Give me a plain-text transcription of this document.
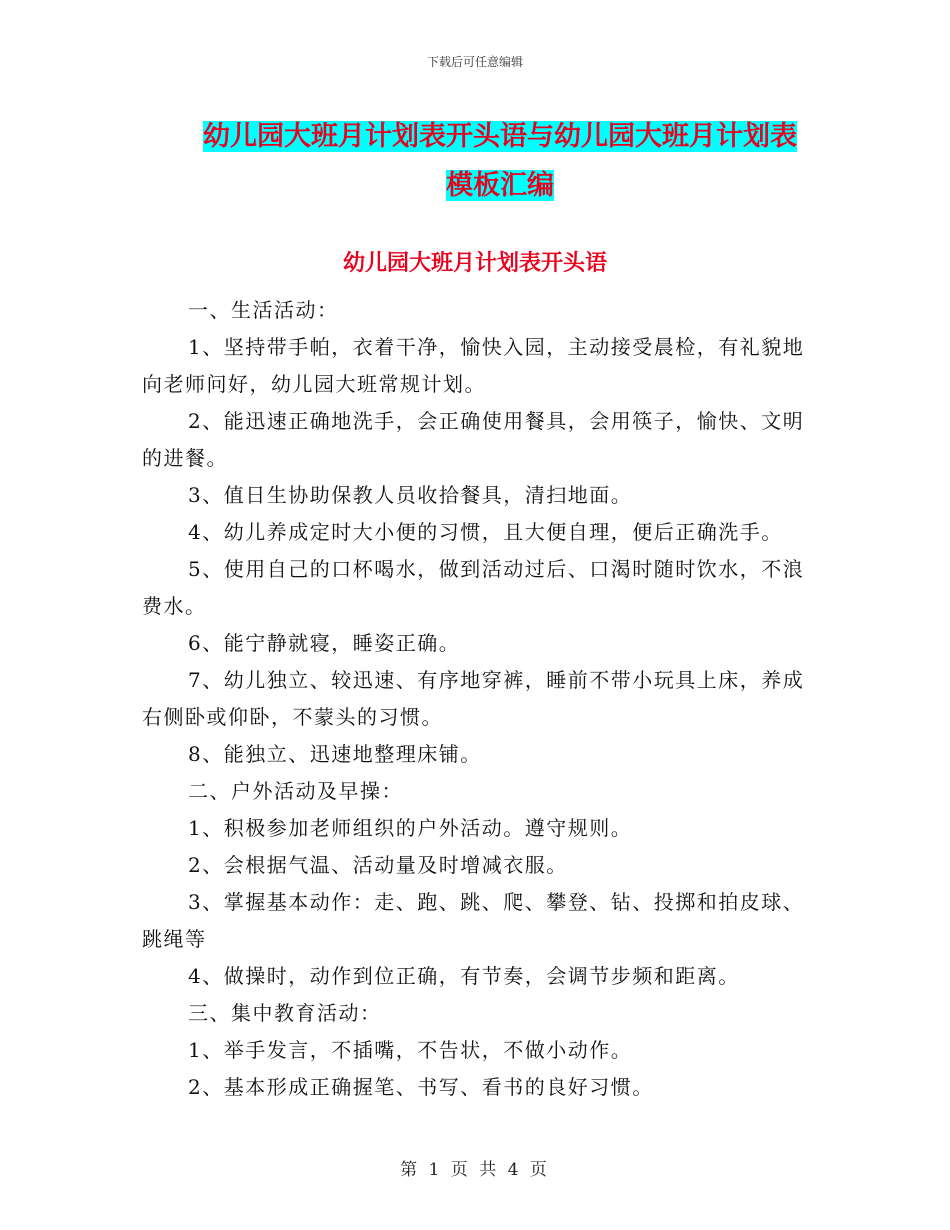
下载后可任意编辑
幼儿园大班月计划表开头语与幼儿园大班月计划表模板汇编
幼儿园大班月计划表开头语

一、生活活动：

1、坚持带手帕，衣着干净，愉快入园，主动接受晨检，有礼貌地向老师问好，幼儿园大班常规计划。

2、能迅速正确地洗手，会正确使用餐具，会用筷子，愉快、文明的进餐。

3、值日生协助保教人员收拾餐具，清扫地面。

4、幼儿养成定时大小便的习惯，且大便自理，便后正确洗手。

5、使用自己的口杯喝水，做到活动过后、口渴时随时饮水，不浪费水。

6、能宁静就寝，睡姿正确。

7、幼儿独立、较迅速、有序地穿裤，睡前不带小玩具上床，养成右侧卧或仰卧，不蒙头的习惯。

8、能独立、迅速地整理床铺。

二、户外活动及早操：

1、积极参加老师组织的户外活动。遵守规则。

2、会根据气温、活动量及时增减衣服。

3、掌握基本动作：走、跑、跳、爬、攀登、钻、投掷和拍皮球、跳绳等

4、做操时，动作到位正确，有节奏，会调节步频和距离。

三、集中教育活动：

1、举手发言，不插嘴，不告状，不做小动作。

2、基本形成正确握笔、书写、看书的良好习惯。

第 1 页 共 4 页
